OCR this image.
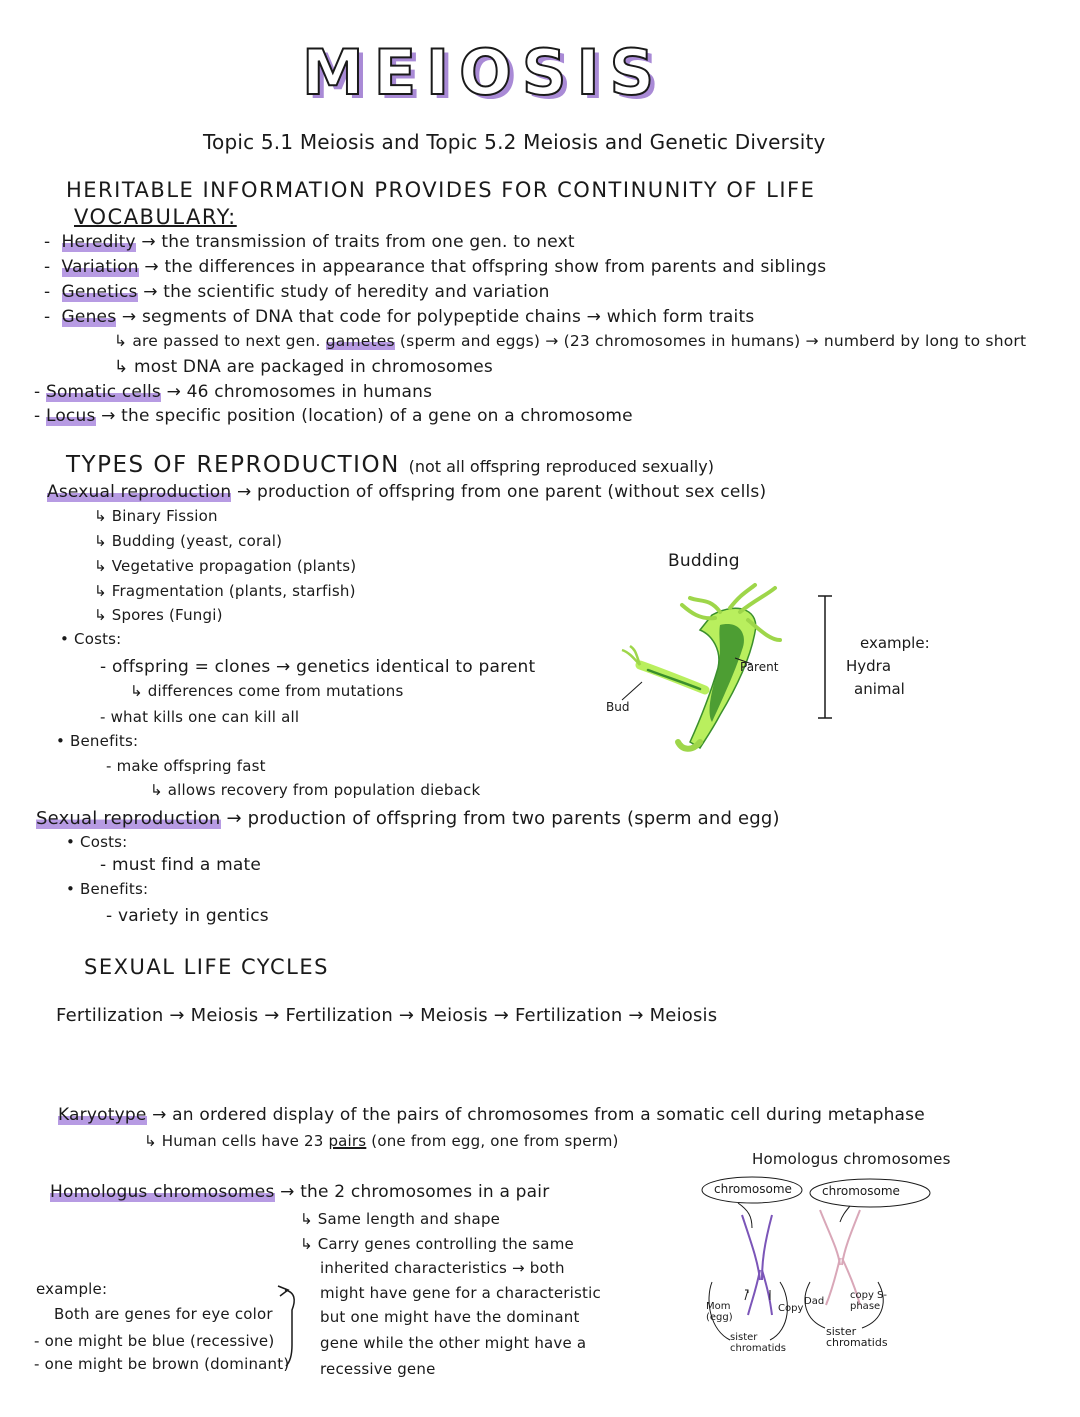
MEIOSIS
Topic 5.1 Meiosis and Topic 5.2 Meiosis and Genetic Diversity
HERITABLE INFORMATION PROVIDES FOR CONTINUNITY OF LIFE
VOCABULARY:
-  Heredity → the transmission of traits from one gen. to next
-  Variation → the differences in appearance that offspring show from parents and siblings
-  Genetics → the scientific study of heredity and variation
-  Genes → segments of DNA that code for polypeptide chains → which form traits
↳ are passed to next gen. gametes (sperm and eggs) → (23 chromosomes in humans) → numberd by long to short
↳ most DNA are packaged in chromosomes
- Somatic cells → 46 chromosomes in humans
- Locus → the specific position (location) of a gene on a chromosome
TYPES OF REPRODUCTION (not all offspring reproduced sexually)
Asexual reproduction → production of offspring from one parent (without sex cells)
↳ Binary Fission
↳ Budding (yeast, coral)
↳ Vegetative propagation (plants)
↳ Fragmentation (plants, starfish)
↳ Spores (Fungi)
• Costs:
- offspring = clones → genetics identical to parent
↳ differences come from mutations
- what kills one can kill all
• Benefits:
- make offspring fast
↳ allows recovery from population dieback
Sexual reproduction → production of offspring from two parents (sperm and egg)
• Costs:
- must find a mate
• Benefits:
- variety in gentics
Budding
Bud
Parent
example:
Hydra
animal
SEXUAL LIFE CYCLES
Fertilization → Meiosis → Fertilization → Meiosis → Fertilization → Meiosis
Karyotype → an ordered display of the pairs of chromosomes from a somatic cell during metaphase
↳ Human cells have 23 pairs (one from egg, one from sperm)
Homologus chromosomes → the 2 chromosomes in a pair
↳ Same length and shape
↳ Carry genes controlling the same
inherited characteristics → both
might have gene for a characteristic
but one might have the dominant
gene while the other might have a
recessive gene
example:
Both are genes for eye color
- one might be blue (recessive)
- one might be brown (dominant)
Homologus chromosomes
chromosome	chromosome
Mom (egg)
Copy
Dad
copy S-phase
sister chromatids
sister chromatids
